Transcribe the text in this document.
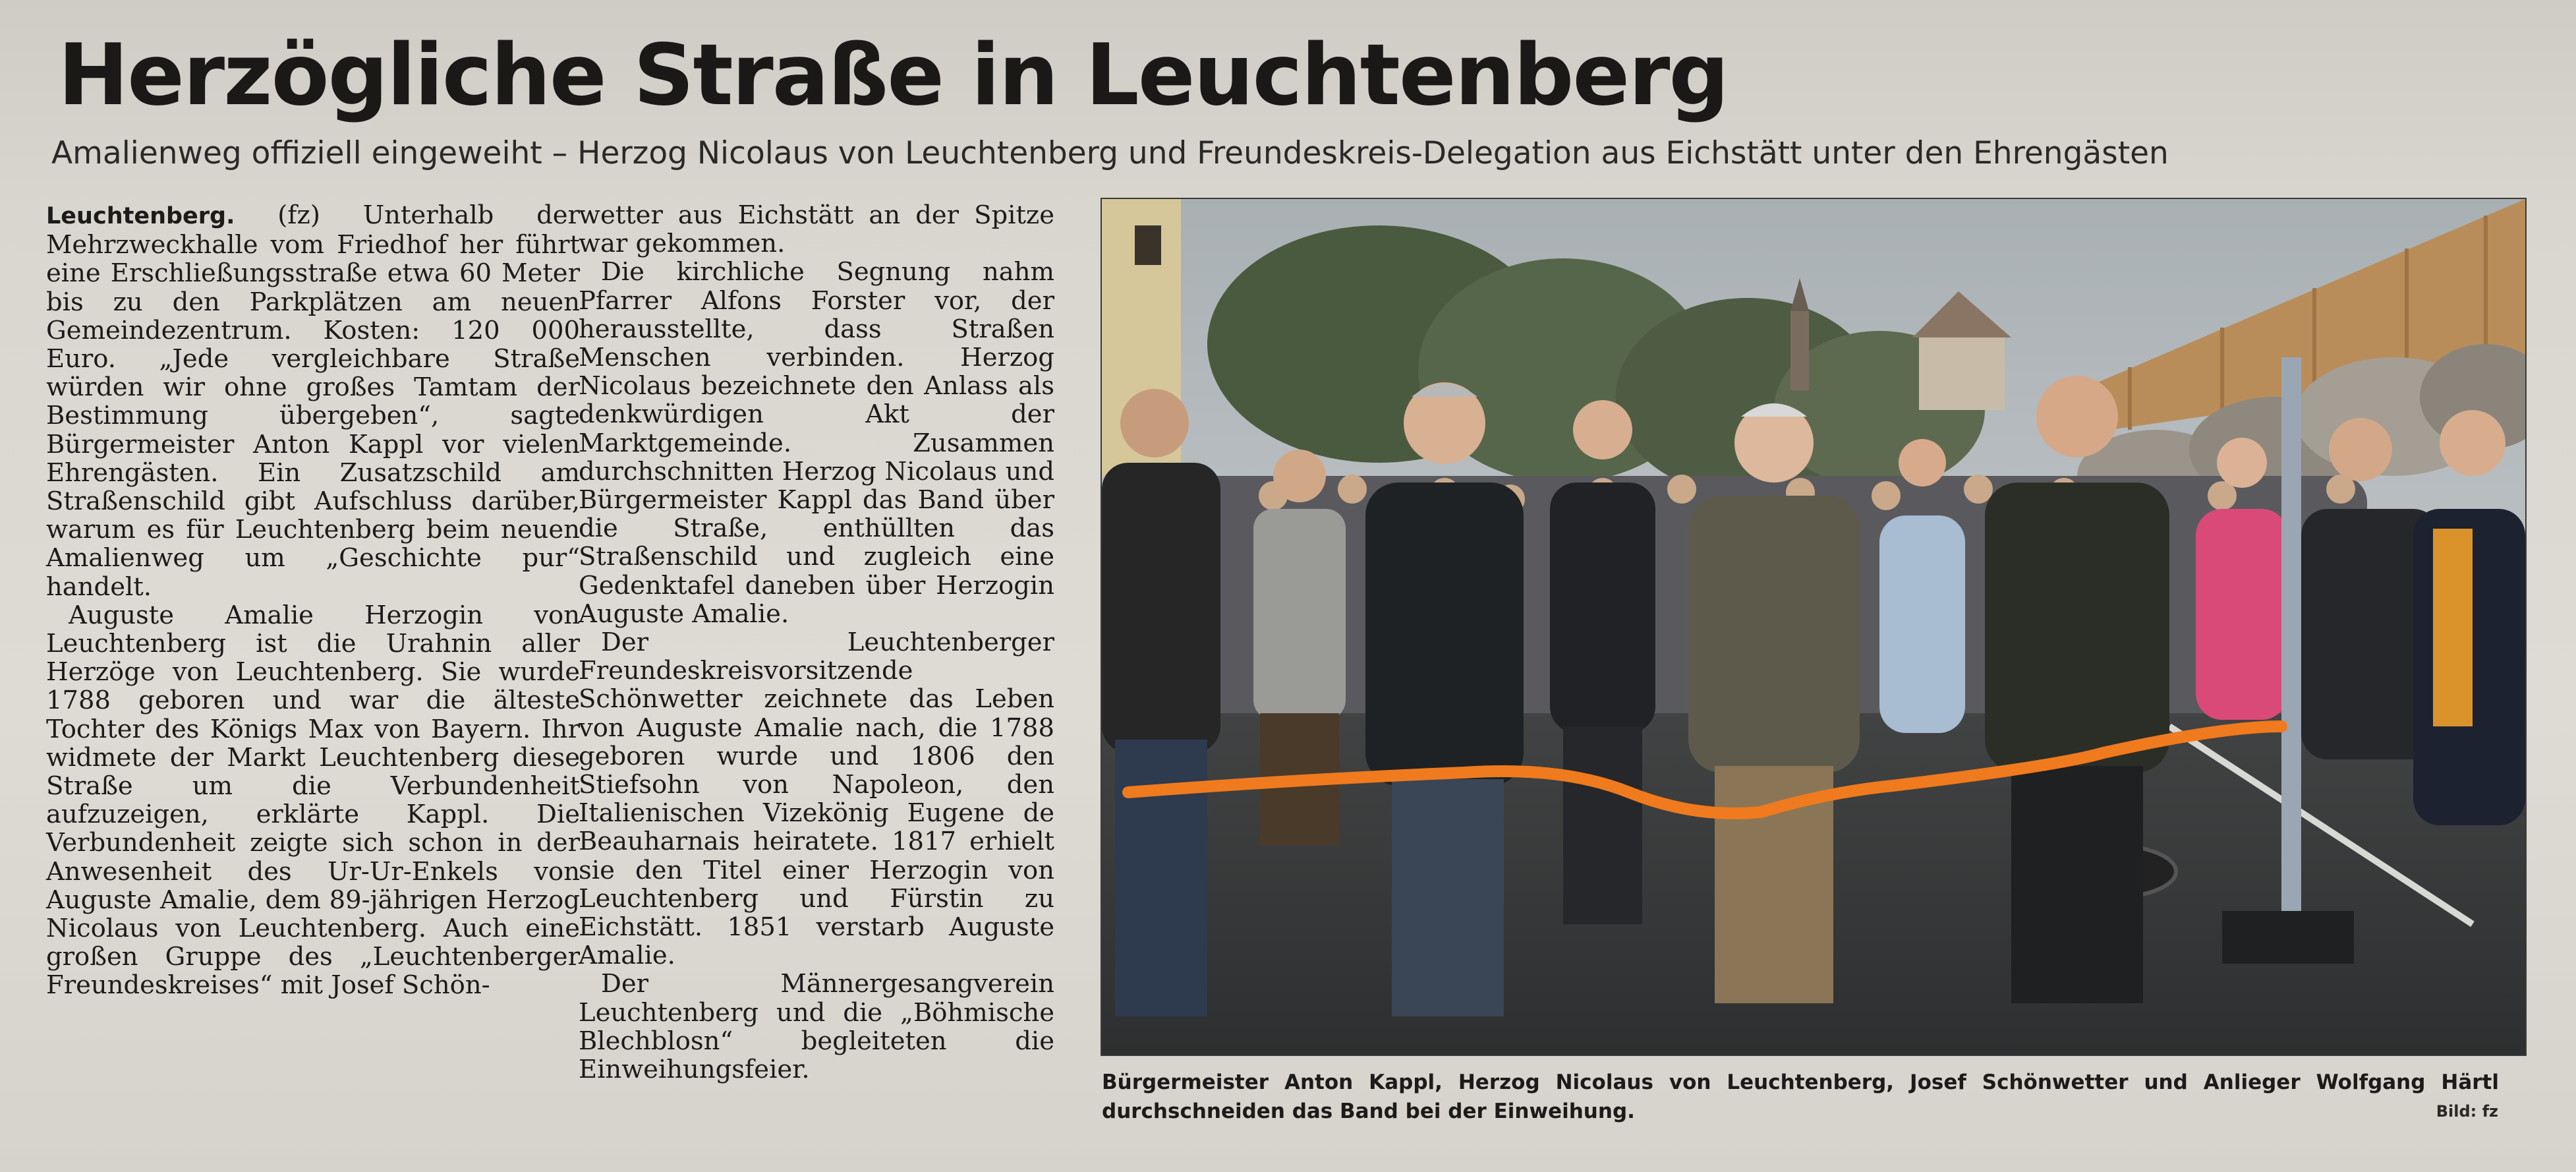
Herzögliche Straße in Leuchtenberg
Amalienweg offiziell eingeweiht – Herzog Nicolaus von Leuchtenberg und Freundeskreis-Delegation aus Eichstätt unter den Ehrengästen

Leuchtenberg. (fz) Unterhalb der Mehrzweckhalle vom Friedhof her führt eine Erschließungsstraße etwa 60 Meter bis zu den Parkplätzen am neuen Gemeindezentrum. Kosten: 120 000 Euro. „Jede vergleichbare Straße würden wir ohne großes Tamtam der Bestimmung übergeben“, sagte Bürgermeister Anton Kappl vor vielen Ehrengästen. Ein Zusatzschild am Straßenschild gibt Aufschluss darüber, warum es für Leuchtenberg beim neuen Amalienweg um „Geschichte pur“ handelt.

Auguste Amalie Herzogin von Leuchtenberg ist die Urahnin aller Herzöge von Leuchtenberg. Sie wurde 1788 geboren und war die älteste Tochter des Königs Max von Bayern. Ihr widmete der Markt Leuchtenberg diese Straße um die Verbundenheit aufzuzeigen, erklärte Kappl. Die Verbundenheit zeigte sich schon in der Anwesenheit des Ur-Ur-Enkels von Auguste Amalie, dem 89-jährigen Herzog Nicolaus von Leuchtenberg. Auch eine großen Gruppe des „Leuchtenberger Freundeskreises“ mit Josef Schön-

wetter aus Eichstätt an der Spitze war gekommen.

Die kirchliche Segnung nahm Pfarrer Alfons Forster vor, der herausstellte, dass Straßen Menschen verbinden. Herzog Nicolaus bezeichnete den Anlass als denkwürdigen Akt der Marktgemeinde. Zusammen durchschnitten Herzog Nicolaus und Bürgermeister Kappl das Band über die Straße, enthüllten das Straßenschild und zugleich eine Gedenktafel daneben über Herzogin Auguste Amalie.

Der Leuchtenberger Freundeskreisvorsitzende Schönwetter zeichnete das Leben von Auguste Amalie nach, die 1788 geboren wurde und 1806 den Stiefsohn von Napoleon, den Italienischen Vizekönig Eugene de Beauharnais heiratete. 1817 erhielt sie den Titel einer Herzogin von Leuchtenberg und Fürstin zu Eichstätt. 1851 verstarb Auguste Amalie.

Der Männergesangverein Leuchtenberg und die „Böhmische Blechblosn“ begleiteten die Einweihungsfeier.	Bürgermeister Anton Kappl, Herzog Nicolaus von Leuchtenberg, Josef Schönwetter und Anlieger Wolfgang Härtl durchschneiden das Band bei der Einweihung.	Bild: fz
